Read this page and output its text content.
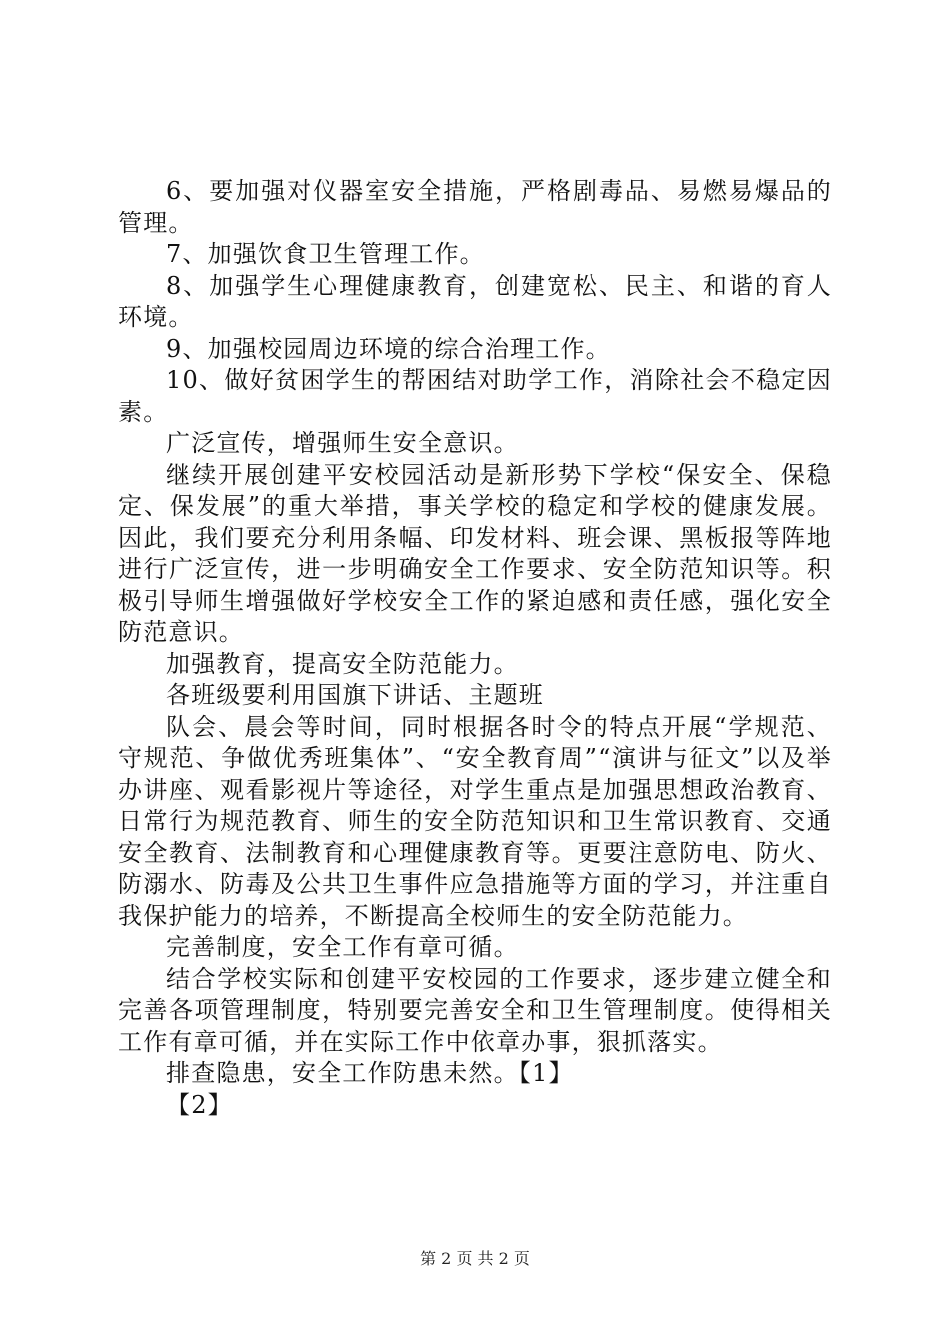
6、要加强对仪器室安全措施，严格剧毒品、易燃易爆品的管理。

7、加强饮食卫生管理工作。

8、加强学生心理健康教育，创建宽松、民主、和谐的育人环境。

9、加强校园周边环境的综合治理工作。

10、做好贫困学生的帮困结对助学工作，消除社会不稳定因素。

广泛宣传，增强师生安全意识。

继续开展创建平安校园活动是新形势下学校“保安全、保稳定、保发展”的重大举措，事关学校的稳定和学校的健康发展。因此，我们要充分利用条幅、印发材料、班会课、黑板报等阵地进行广泛宣传，进一步明确安全工作要求、安全防范知识等。积极引导师生增强做好学校安全工作的紧迫感和责任感，强化安全防范意识。

加强教育，提高安全防范能力。

各班级要利用国旗下讲话、主题班

队会、晨会等时间，同时根据各时令的特点开展“学规范、守规范、争做优秀班集体”、“安全教育周”“演讲与征文”以及举办讲座、观看影视片等途径，对学生重点是加强思想政治教育、日常行为规范教育、师生的安全防范知识和卫生常识教育、交通安全教育、法制教育和心理健康教育等。更要注意防电、防火、防溺水、防毒及公共卫生事件应急措施等方面的学习，并注重自我保护能力的培养，不断提高全校师生的安全防范能力。

完善制度，安全工作有章可循。

结合学校实际和创建平安校园的工作要求，逐步建立健全和完善各项管理制度，特别要完善安全和卫生管理制度。使得相关工作有章可循，并在实际工作中依章办事，狠抓落实。

排查隐患，安全工作防患未然。【1】

【2】

第 2 页 共 2 页
